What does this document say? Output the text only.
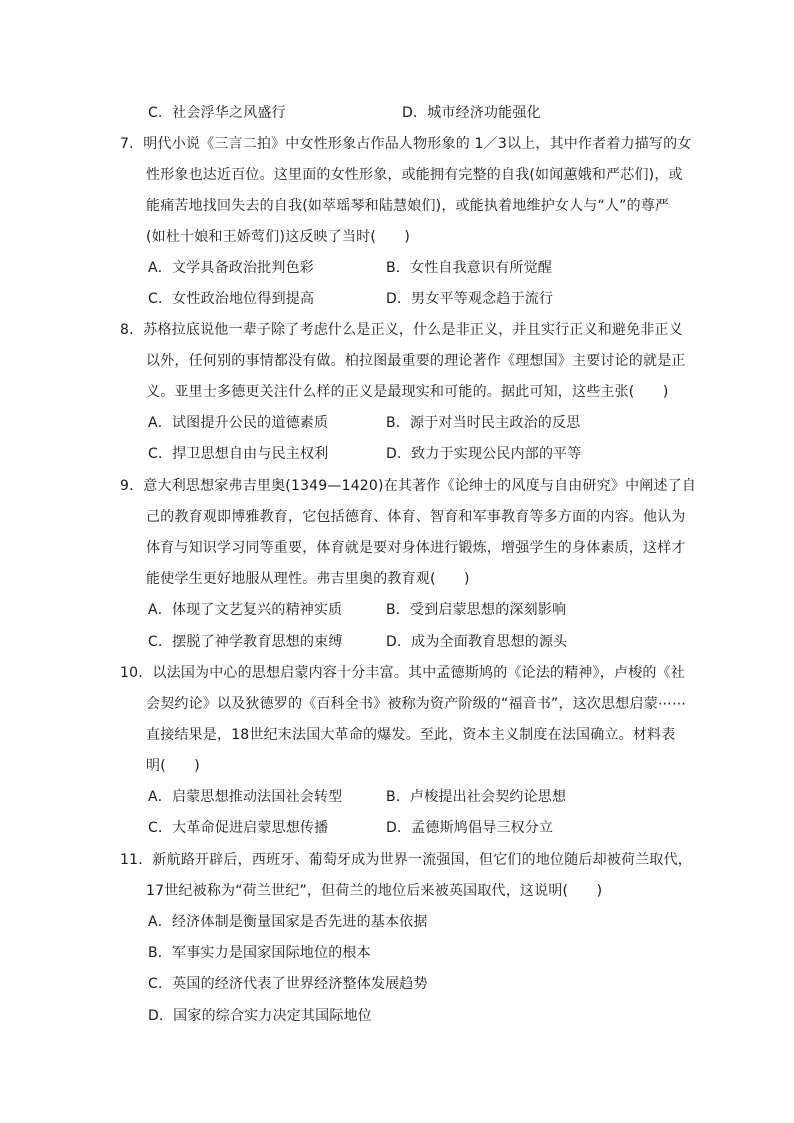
C．社会浮华之风盛行	D．城市经济功能强化
7．明代小说《三言二拍》中女性形象占作品人物形象的 1／3以上，其中作者着力描写的女
性形象也达近百位。这里面的女性形象，或能拥有完整的自我(如闻蕙娥和严芯们)，或
能痛苦地找回失去的自我(如萃瑶琴和陆慧娘们)，或能执着地维护女人与“人”的尊严
(如杜十娘和王娇莺们)这反映了当时(　　)
A．文学具备政治批判色彩	B．女性自我意识有所觉醒
C．女性政治地位得到提高	D．男女平等观念趋于流行
8．苏格拉底说他一辈子除了考虑什么是正义，什么是非正义，并且实行正义和避免非正义
以外，任何别的事情都没有做。柏拉图最重要的理论著作《理想国》主要讨论的就是正
义。亚里士多德更关注什么样的正义是最现实和可能的。据此可知，这些主张(　　)
A．试图提升公民的道德素质	B．源于对当时民主政治的反思
C．捍卫思想自由与民主权利	D．致力于实现公民内部的平等
9．意大利思想家弗吉里奥(1349—1420)在其著作《论绅士的风度与自由研究》中阐述了自
己的教育观即博雅教育，它包括德育、体育、智育和军事教育等多方面的内容。他认为
体育与知识学习同等重要，体育就是要对身体进行锻炼，增强学生的身体素质，这样才
能使学生更好地服从理性。弗吉里奥的教育观(　　)
A．体现了文艺复兴的精神实质	B．受到启蒙思想的深刻影响
C．摆脱了神学教育思想的束缚	D．成为全面教育思想的源头
10．以法国为中心的思想启蒙内容十分丰富。其中孟德斯鸠的《论法的精神》，卢梭的《社
会契约论》以及狄德罗的《百科全书》被称为资产阶级的“福音书”，这次思想启蒙⋯⋯
直接结果是，18世纪末法国大革命的爆发。至此，资本主义制度在法国确立。材料表
明(　　)
A．启蒙思想推动法国社会转型	B．卢梭提出社会契约论思想
C．大革命促进启蒙思想传播	D．孟德斯鸠倡导三权分立
11．新航路开辟后，西班牙、葡萄牙成为世界一流强国，但它们的地位随后却被荷兰取代，
17世纪被称为“荷兰世纪”，但荷兰的地位后来被英国取代，这说明(　　)
A．经济体制是衡量国家是否先进的基本依据
B．军事实力是国家国际地位的根本
C．英国的经济代表了世界经济整体发展趋势
D．国家的综合实力决定其国际地位
